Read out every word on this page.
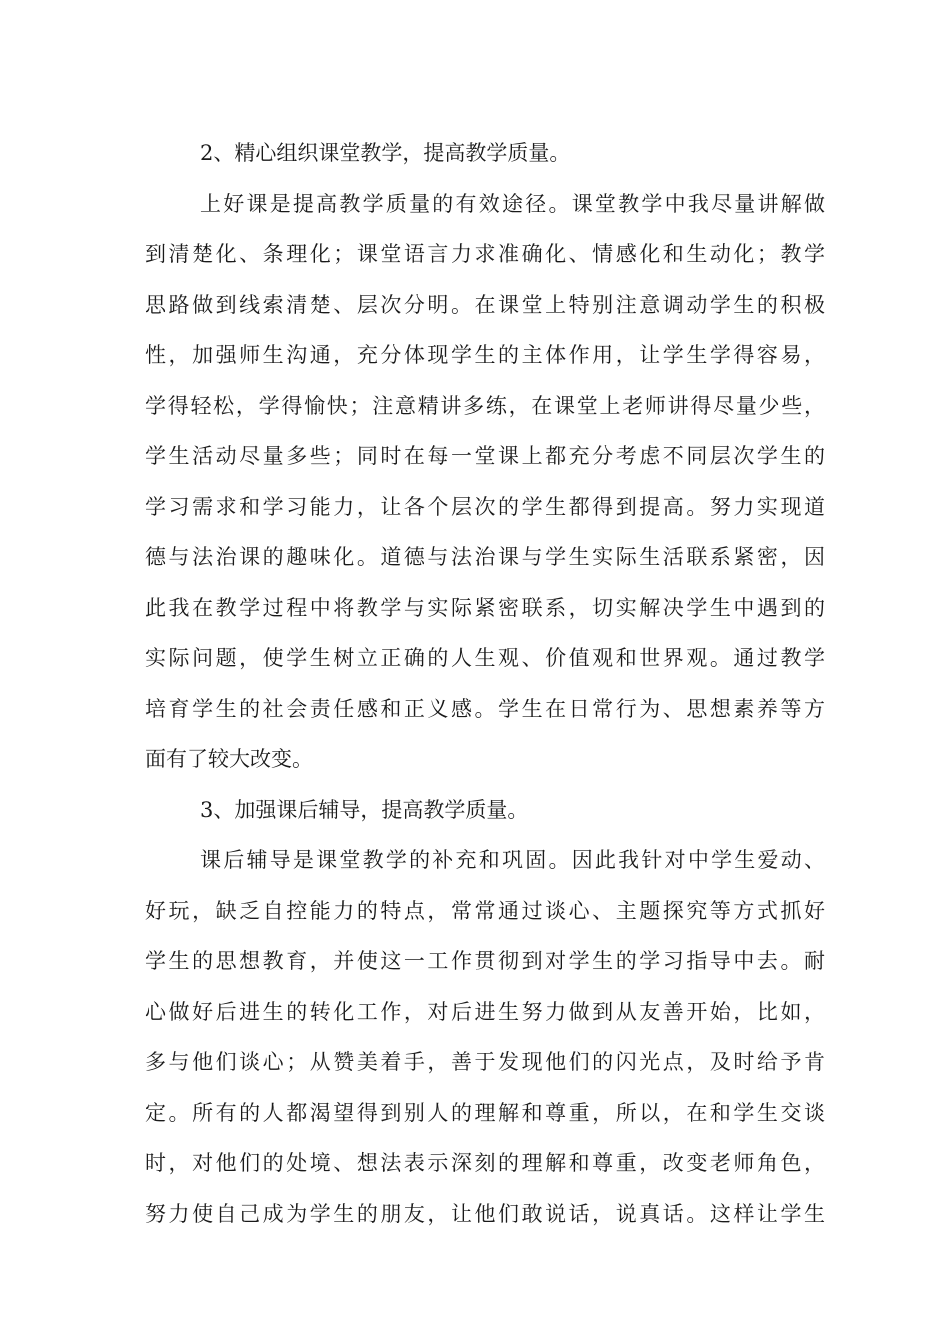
2、精心组织课堂教学，提高教学质量。
上好课是提高教学质量的有效途径。课堂教学中我尽量讲解做
到清楚化、条理化；课堂语言力求准确化、情感化和生动化；教学
思路做到线索清楚、层次分明。在课堂上特别注意调动学生的积极
性，加强师生沟通，充分体现学生的主体作用，让学生学得容易，
学得轻松，学得愉快；注意精讲多练，在课堂上老师讲得尽量少些，
学生活动尽量多些；同时在每一堂课上都充分考虑不同层次学生的
学习需求和学习能力，让各个层次的学生都得到提高。努力实现道
德与法治课的趣味化。道德与法治课与学生实际生活联系紧密，因
此我在教学过程中将教学与实际紧密联系，切实解决学生中遇到的
实际问题，使学生树立正确的人生观、价值观和世界观。通过教学
培育学生的社会责任感和正义感。学生在日常行为、思想素养等方
面有了较大改变。
3、加强课后辅导，提高教学质量。
课后辅导是课堂教学的补充和巩固。因此我针对中学生爱动、
好玩，缺乏自控能力的特点，常常通过谈心、主题探究等方式抓好
学生的思想教育，并使这一工作贯彻到对学生的学习指导中去。耐
心做好后进生的转化工作，对后进生努力做到从友善开始，比如，
多与他们谈心；从赞美着手，善于发现他们的闪光点，及时给予肯
定。所有的人都渴望得到别人的理解和尊重，所以，在和学生交谈
时，对他们的处境、想法表示深刻的理解和尊重，改变老师角色，
努力使自己成为学生的朋友，让他们敢说话，说真话。这样让学生
